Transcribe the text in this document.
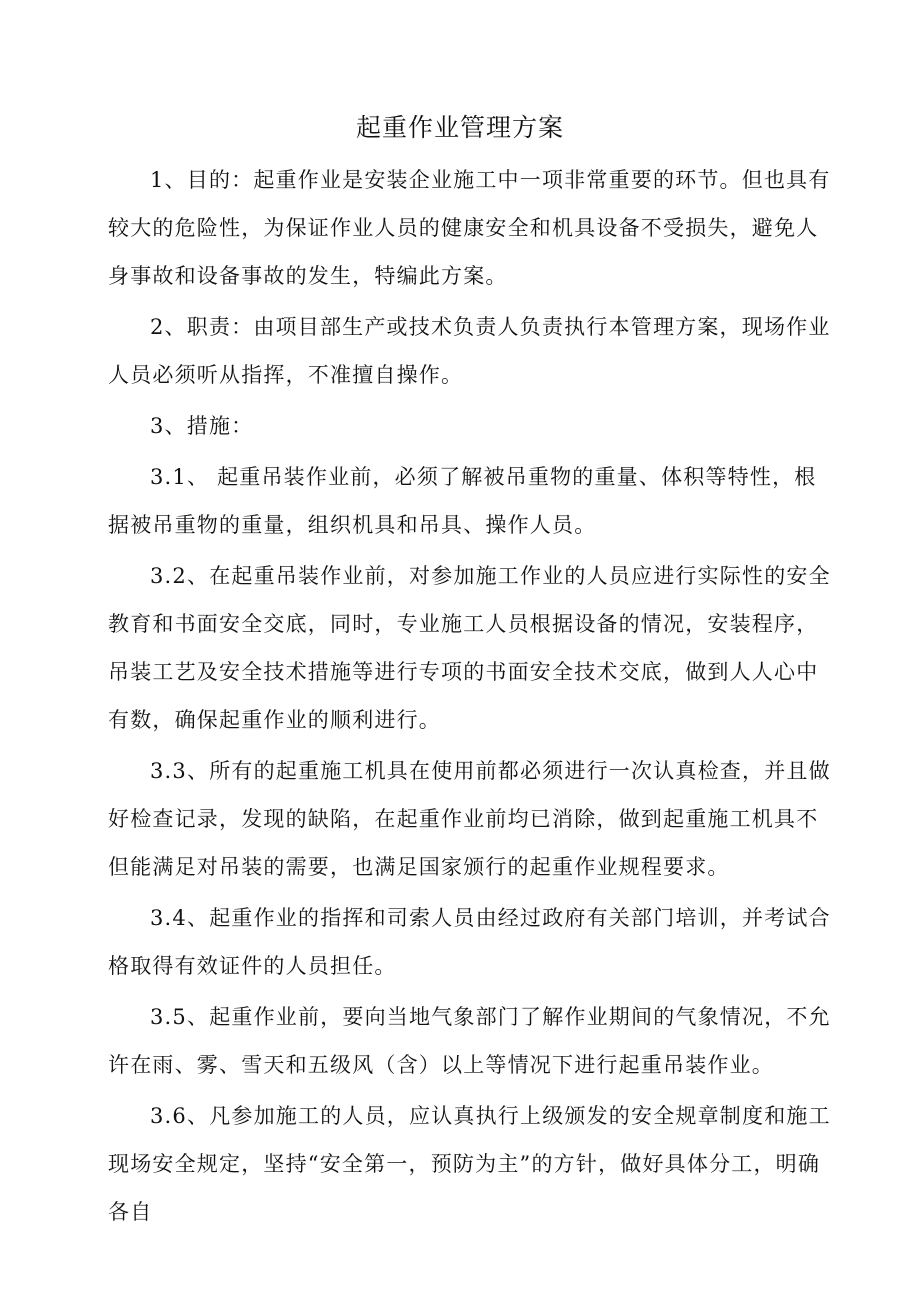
起重作业管理方案

1、目的：起重作业是安装企业施工中一项非常重要的环节。但也具有较大的危险性，为保证作业人员的健康安全和机具设备不受损失，避免人身事故和设备事故的发生，特编此方案。

2、职责：由项目部生产或技术负责人负责执行本管理方案，现场作业人员必须听从指挥，不准擅自操作。

3、措施：

3.1、 起重吊装作业前，必须了解被吊重物的重量、体积等特性，根据被吊重物的重量，组织机具和吊具、操作人员。

3.2、在起重吊装作业前，对参加施工作业的人员应进行实际性的安全教育和书面安全交底，同时，专业施工人员根据设备的情况，安装程序，吊装工艺及安全技术措施等进行专项的书面安全技术交底，做到人人心中有数，确保起重作业的顺利进行。

3.3、所有的起重施工机具在使用前都必须进行一次认真检查，并且做好检查记录，发现的缺陷，在起重作业前均已消除，做到起重施工机具不但能满足对吊装的需要，也满足国家颁行的起重作业规程要求。

3.4、起重作业的指挥和司索人员由经过政府有关部门培训，并考试合格取得有效证件的人员担任。

3.5、起重作业前，要向当地气象部门了解作业期间的气象情况，不允许在雨、雾、雪天和五级风（含）以上等情况下进行起重吊装作业。

3.6、凡参加施工的人员，应认真执行上级颁发的安全规章制度和施工现场安全规定，坚持“安全第一，预防为主”的方针，做好具体分工，明确各自
